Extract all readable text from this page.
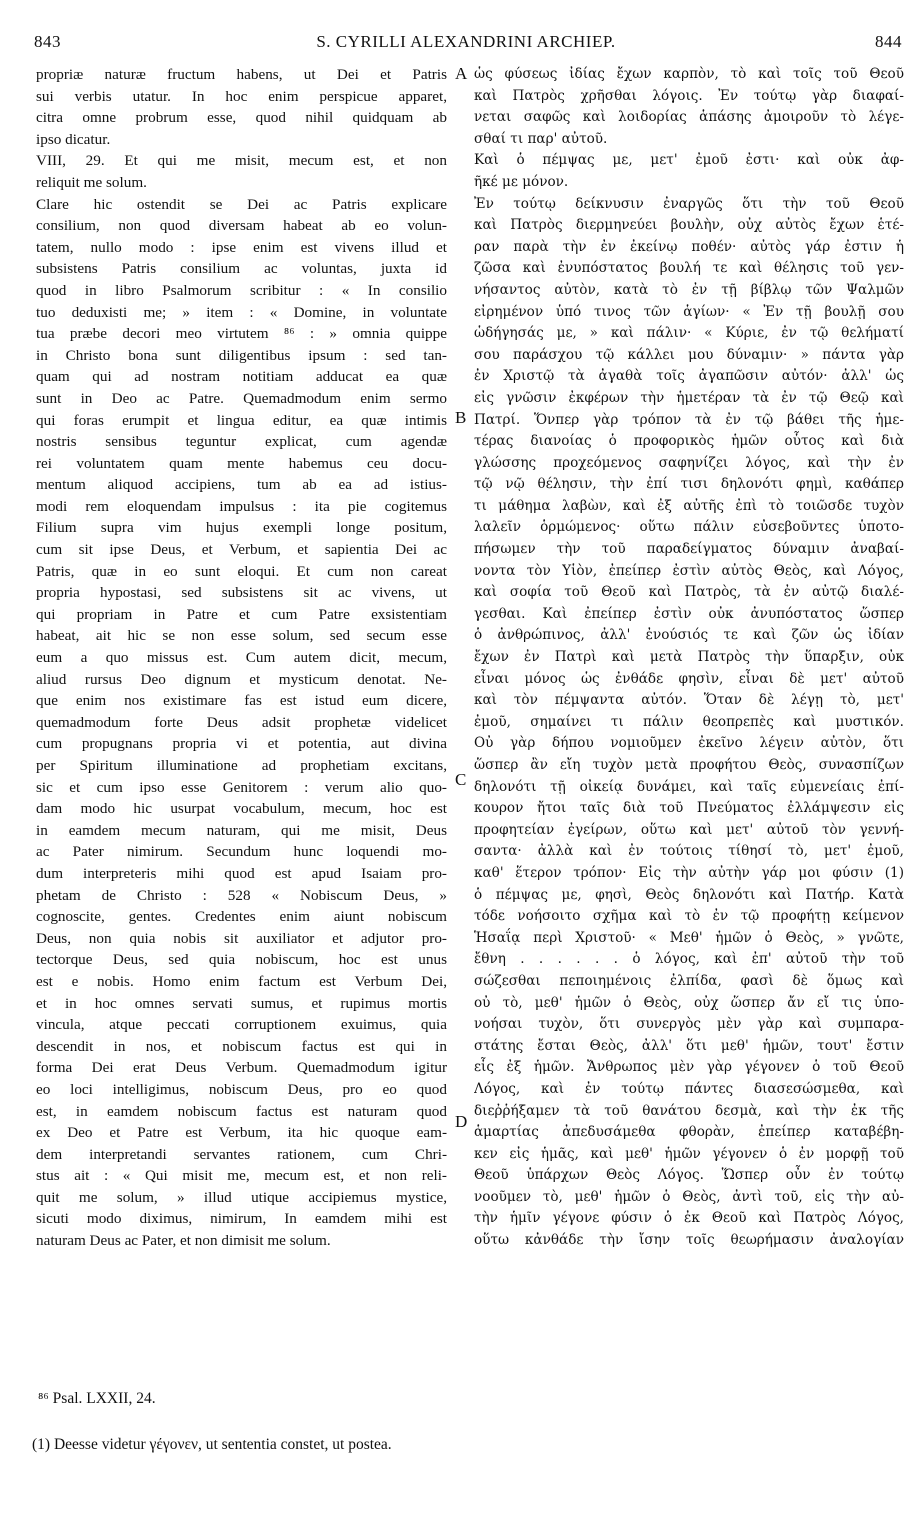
843	S. CYRILLI ALEXANDRINI ARCHIEP.	844
propriæ naturæ fructum habens, ut Dei et Patris
sui verbis utatur. In hoc enim perspicue apparet,
citra omne probrum esse, quod nihil quidquam ab
ipso dicatur.
VIII, 29. Et qui me misit, mecum est, et non
reliquit me solum.
Clare hic ostendit se Dei ac Patris explicare
consilium, non quod diversam habeat ab eo volun-
tatem, nullo modo : ipse enim est vivens illud et
subsistens Patris consilium ac voluntas, juxta id
quod in libro Psalmorum scribitur : « In consilio
tuo deduxisti me; » item : « Domine, in voluntate
tua præbe decori meo virtutem ⁸⁶ : » omnia quippe
in Christo bona sunt diligentibus ipsum : sed tan-
quam qui ad nostram notitiam adducat ea quæ
sunt in Deo ac Patre. Quemadmodum enim sermo
qui foras erumpit et lingua editur, ea quæ intimis
nostris sensibus teguntur explicat, cum agendæ
rei voluntatem quam mente habemus ceu docu-
mentum aliquod accipiens, tum ab ea ad istius-
modi rem eloquendam impulsus : ita pie cogitemus
Filium supra vim hujus exempli longe positum,
cum sit ipse Deus, et Verbum, et sapientia Dei ac
Patris, quæ in eo sunt eloqui. Et cum non careat
propria hypostasi, sed subsistens sit ac vivens, ut
qui propriam in Patre et cum Patre exsistentiam
habeat, ait hic se non esse solum, sed secum esse
eum a quo missus est. Cum autem dicit, mecum,
aliud rursus Deo dignum et mysticum denotat. Ne-
que enim nos existimare fas est istud eum dicere,
quemadmodum forte Deus adsit prophetæ videlicet
cum propugnans propria vi et potentia, aut divina
per Spiritum illuminatione ad prophetiam excitans,
sic et cum ipso esse Genitorem : verum alio quo-
dam modo hic usurpat vocabulum, mecum, hoc est
in eamdem mecum naturam, qui me misit, Deus
ac Pater nimirum. Secundum hunc loquendi mo-
dum interpreteris mihi quod est apud Isaiam pro-
phetam de Christo : 528 « Nobiscum Deus, »
cognoscite, gentes. Credentes enim aiunt nobiscum
Deus, non quia nobis sit auxiliator et adjutor pro-
tectorque Deus, sed quia nobiscum, hoc est unus
est e nobis. Homo enim factum est Verbum Dei,
et in hoc omnes servati sumus, et rupimus mortis
vincula, atque peccati corruptionem exuimus, quia
descendit in nos, et nobiscum factus est qui in
forma Dei erat Deus Verbum. Quemadmodum igitur
eo loci intelligimus, nobiscum Deus, pro eo quod
est, in eamdem nobiscum factus est naturam quod
ex Deo et Patre est Verbum, ita hic quoque eam-
dem interpretandi servantes rationem, cum Chri-
stus ait : « Qui misit me, mecum est, et non reli-
quit me solum, » illud utique accipiemus mystice,
sicuti modo diximus, nimirum, In eamdem mihi est
naturam Deus ac Pater, et non dimisit me solum.
ὡς φύσεως ἰδίας ἔχων καρπὸν, τὸ καὶ τοῖς τοῦ Θεοῦ
καὶ Πατρὸς χρῆσθαι λόγοις. Ἐν τούτῳ γὰρ διαφαί-
νεται σαφῶς καὶ λοιδορίας ἁπάσης ἀμοιροῦν τὸ λέγε-
σθαί τι παρ' αὐτοῦ.
Καὶ ὁ πέμψας με, μετ' ἐμοῦ ἐστι· καὶ οὐκ ἀφ-
ῆκέ με μόνον.
Ἐν τούτῳ δείκνυσιν ἐναργῶς ὅτι τὴν τοῦ Θεοῦ
καὶ Πατρὸς διερμηνεύει βουλὴν, οὐχ αὐτὸς ἔχων ἑτέ-
ραν παρὰ τὴν ἐν ἐκείνῳ ποθέν· αὐτὸς γάρ ἐστιν ἡ
ζῶσα καὶ ἐνυπόστατος βουλή τε καὶ θέλησις τοῦ γεν-
νήσαντος αὐτὸν, κατὰ τὸ ἐν τῇ βίβλῳ τῶν Ψαλμῶν
εἰρημένον ὑπό τινος τῶν ἁγίων· « Ἐν τῇ βουλῇ σου
ὡδήγησάς με, » καὶ πάλιν· « Κύριε, ἐν τῷ θελήματί
σου παράσχου τῷ κάλλει μου δύναμιν· » πάντα γὰρ
ἐν Χριστῷ τὰ ἀγαθὰ τοῖς ἀγαπῶσιν αὐτόν· ἀλλ' ὡς
εἰς γνῶσιν ἐκφέρων τὴν ἡμετέραν τὰ ἐν τῷ Θεῷ καὶ
Πατρί. Ὅνπερ γὰρ τρόπον τὰ ἐν τῷ βάθει τῆς ἡμε-
τέρας διανοίας ὁ προφορικὸς ἡμῶν οὗτος καὶ διὰ
γλώσσης προχεόμενος σαφηνίζει λόγος, καὶ τὴν ἐν
τῷ νῷ θέλησιν, τὴν ἐπί τισι δηλονότι φημὶ, καθάπερ
τι μάθημα λαβὼν, καὶ ἐξ αὐτῆς ἐπὶ τὸ τοιῶσδε τυχὸν
λαλεῖν ὁρμώμενος· οὕτω πάλιν εὐσεβοῦντες ὑποτο-
πήσωμεν τὴν τοῦ παραδείγματος δύναμιν ἀναβαί-
νοντα τὸν Υἱὸν, ἐπείπερ ἐστὶν αὐτὸς Θεὸς, καὶ Λόγος,
καὶ σοφία τοῦ Θεοῦ καὶ Πατρὸς, τὰ ἐν αὐτῷ διαλέ-
γεσθαι. Καὶ ἐπείπερ ἐστὶν οὐκ ἀνυπόστατος ὥσπερ
ὁ ἀνθρώπινος, ἀλλ' ἐνούσιός τε καὶ ζῶν ὡς ἰδίαν
ἔχων ἐν Πατρὶ καὶ μετὰ Πατρὸς τὴν ὕπαρξιν, οὐκ
εἶναι μόνος ὡς ἐνθάδε φησὶν, εἶναι δὲ μετ' αὐτοῦ
καὶ τὸν πέμψαντα αὐτόν. Ὅταν δὲ λέγῃ τὸ, μετ'
ἐμοῦ, σημαίνει τι πάλιν θεοπρεπὲς καὶ μυστικόν.
Οὐ γὰρ δήπου νομιοῦμεν ἐκεῖνο λέγειν αὐτὸν, ὅτι
ὥσπερ ἂν εἴη τυχὸν μετὰ προφήτου Θεὸς, συνασπίζων
δηλονότι τῇ οἰκείᾳ δυνάμει, καὶ ταῖς εὐμενείαις ἐπί-
κουρον ἤτοι ταῖς διὰ τοῦ Πνεύματος ἐλλάμψεσιν εἰς
προφητείαν ἐγείρων, οὕτω καὶ μετ' αὐτοῦ τὸν γεννή-
σαντα· ἀλλὰ καὶ ἐν τούτοις τίθησί τὸ, μετ' ἐμοῦ,
καθ' ἕτερον τρόπον· Εἰς τὴν αὐτὴν γάρ μοι φύσιν (1)
ὁ πέμψας με, φησὶ, Θεὸς δηλονότι καὶ Πατήρ. Κατὰ
τόδε νοήσοιτο σχῆμα καὶ τὸ ἐν τῷ προφήτῃ κείμενον
Ἡσαΐᾳ περὶ Χριστοῦ· « Μεθ' ἡμῶν ὁ Θεὸς, » γνῶτε,
ἔθνη . . . . . . ὁ λόγος, καὶ ἐπ' αὐτοῦ τὴν τοῦ
σώζεσθαι πεποιημένοις ἐλπίδα, φασὶ δὲ ὅμως καὶ
οὐ τὸ, μεθ' ἡμῶν ὁ Θεὸς, οὐχ ὥσπερ ἄν εἴ τις ὑπο-
νοήσαι τυχὸν, ὅτι συνεργὸς μὲν γὰρ καὶ συμπαρα-
στάτης ἔσται Θεὸς, ἀλλ' ὅτι μεθ' ἡμῶν, τουτ' ἔστιν
εἷς ἐξ ἡμῶν. Ἄνθρωπος μὲν γὰρ γέγονεν ὁ τοῦ Θεοῦ
Λόγος, καὶ ἐν τούτῳ πάντες διασεσώσμεθα, καὶ
διεῤῥήξαμεν τὰ τοῦ θανάτου δεσμὰ, καὶ τὴν ἐκ τῆς
ἁμαρτίας ἀπεδυσάμεθα φθορὰν, ἐπείπερ καταβέβη-
κεν εἰς ἡμᾶς, καὶ μεθ' ἡμῶν γέγονεν ὁ ἐν μορφῇ τοῦ
Θεοῦ ὑπάρχων Θεὸς Λόγος. Ὥσπερ οὖν ἐν τούτῳ
νοοῦμεν τὸ, μεθ' ἡμῶν ὁ Θεὸς, ἀντὶ τοῦ, εἰς τὴν αὐ-
τὴν ἡμῖν γέγονε φύσιν ὁ ἐκ Θεοῦ καὶ Πατρὸς Λόγος,
οὕτω κἀνθάδε τὴν ἴσην τοῖς θεωρήμασιν ἀναλογίαν
A
B
C
D
⁸⁶ Psal. LXXII, 24.
(1) Deesse videtur γέγονεν, ut sententia constet, ut postea.
